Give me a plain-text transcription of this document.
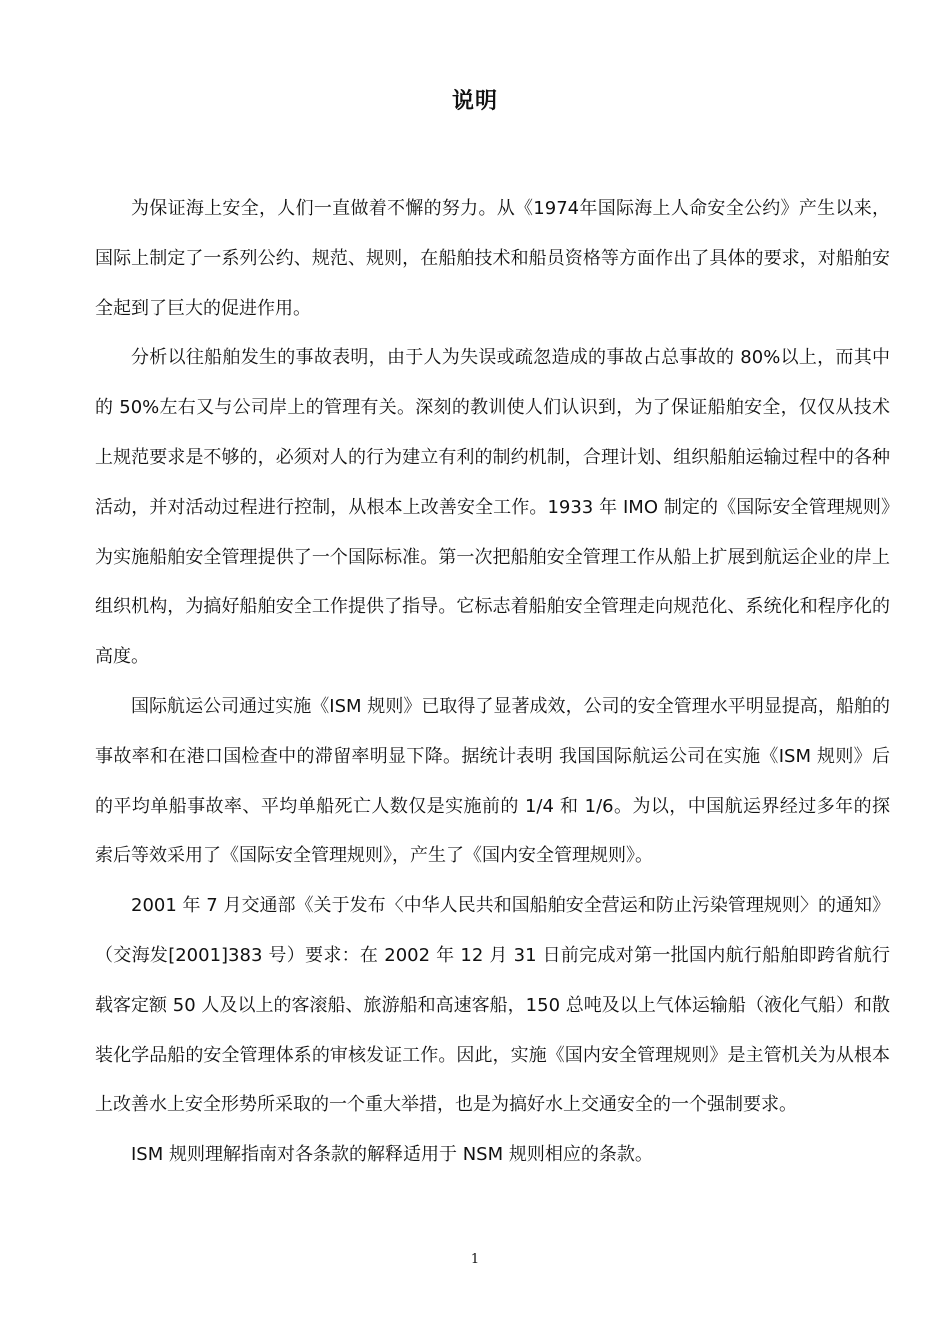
说明

为保证海上安全，人们一直做着不懈的努力。从《1974年国际海上人命安全公约》产生以来，国际上制定了一系列公约、规范、规则，在船舶技术和船员资格等方面作出了具体的要求，对船舶安全起到了巨大的促进作用。

分析以往船舶发生的事故表明，由于人为失误或疏忽造成的事故占总事故的 80%以上，而其中的 50%左右又与公司岸上的管理有关。深刻的教训使人们认识到，为了保证船舶安全，仅仅从技术上规范要求是不够的，必须对人的行为建立有利的制约机制，合理计划、组织船舶运输过程中的各种活动，并对活动过程进行控制，从根本上改善安全工作。1933 年 IMO 制定的《国际安全管理规则》为实施船舶安全管理提供了一个国际标准。第一次把船舶安全管理工作从船上扩展到航运企业的岸上组织机构，为搞好船舶安全工作提供了指导。它标志着船舶安全管理走向规范化、系统化和程序化的高度。

国际航运公司通过实施《ISM 规则》已取得了显著成效，公司的安全管理水平明显提高，船舶的事故率和在港口国检查中的滞留率明显下降。据统计表明 我国国际航运公司在实施《ISM 规则》后的平均单船事故率、平均单船死亡人数仅是实施前的 1/4 和 1/6。为以，中国航运界经过多年的探索后等效采用了《国际安全管理规则》，产生了《国内安全管理规则》。

2001 年 7 月交通部《关于发布〈中华人民共和国船舶安全营运和防止污染管理规则〉的通知》（交海发[2001]383 号）要求：在 2002 年 12 月 31 日前完成对第一批国内航行船舶即跨省航行载客定额 50 人及以上的客滚船、旅游船和高速客船，150 总吨及以上气体运输船（液化气船）和散装化学品船的安全管理体系的审核发证工作。因此，实施《国内安全管理规则》是主管机关为从根本上改善水上安全形势所采取的一个重大举措，也是为搞好水上交通安全的一个强制要求。

ISM 规则理解指南对各条款的解释适用于 NSM 规则相应的条款。

1
